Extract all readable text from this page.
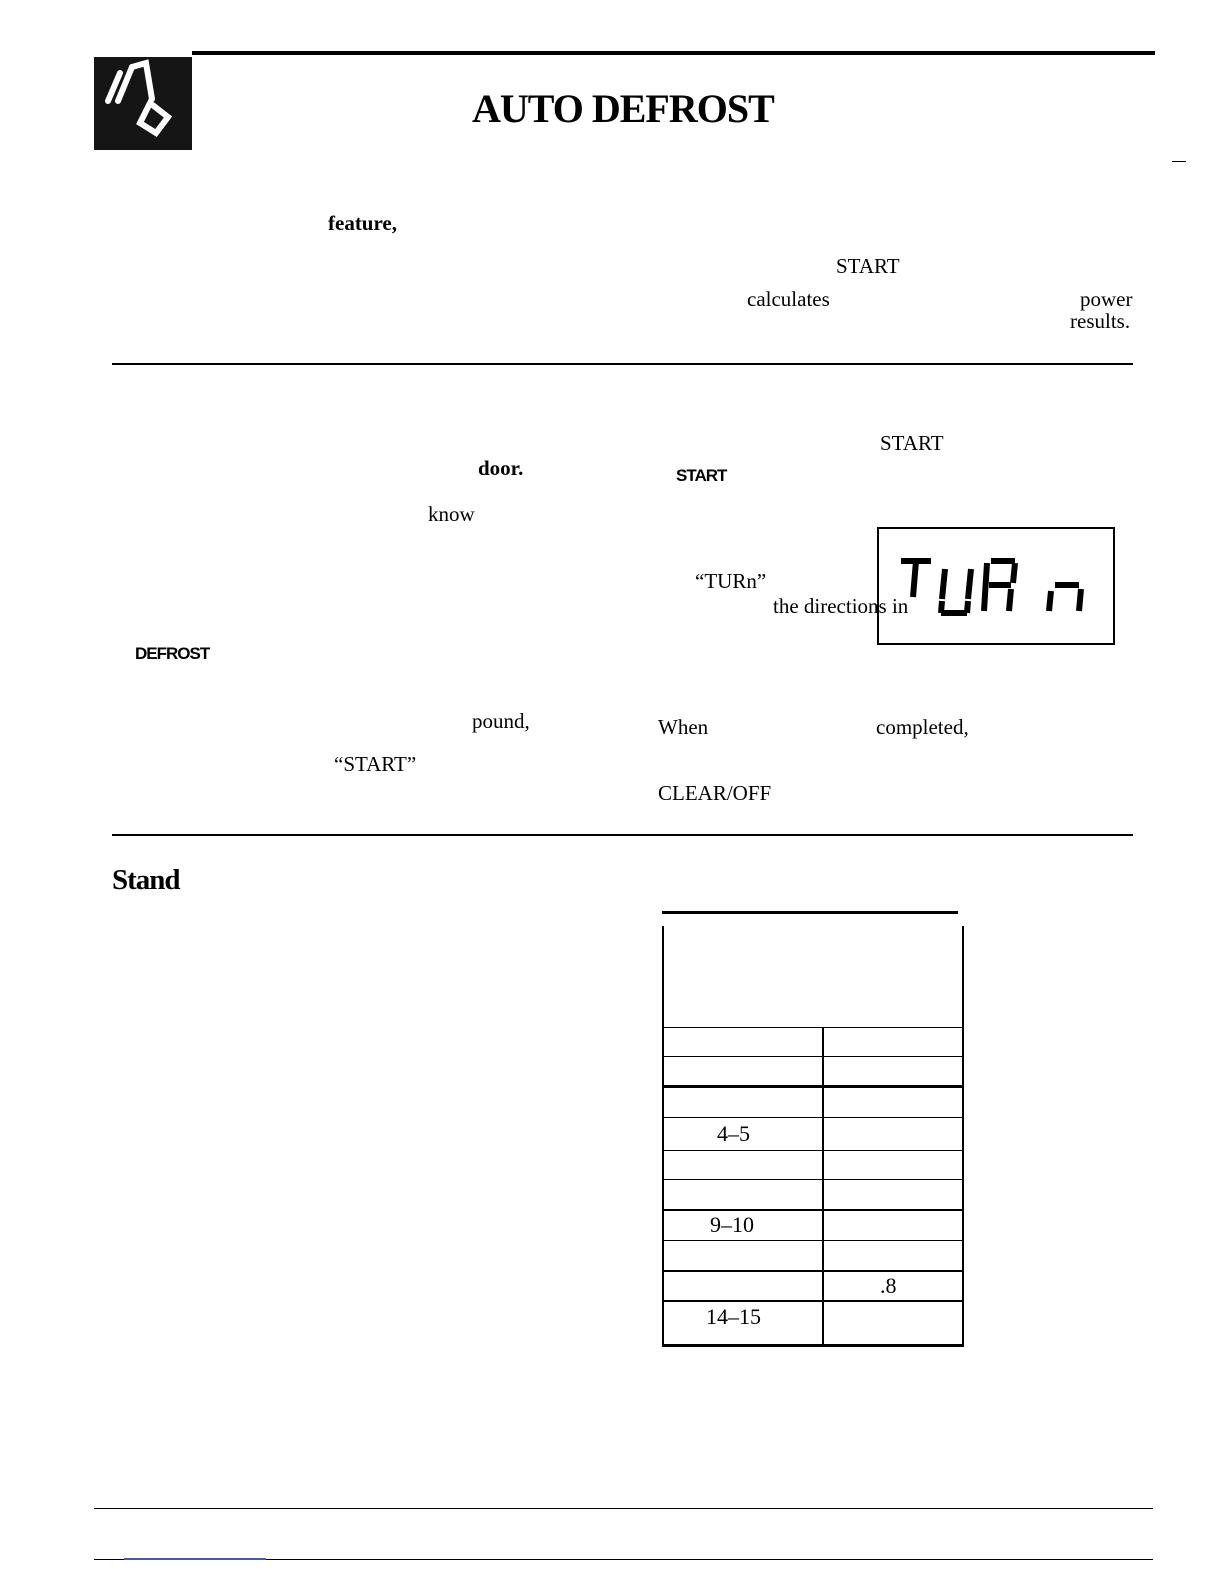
AUTO DEFROST
feature,
START
calculates	power
results.
door.
know
DEFROST
pound,
“START”
START
START
“TURn”
the directions in
When	completed,
CLEAR/OFF
Stand
4–5
9–10
.8
14–15
